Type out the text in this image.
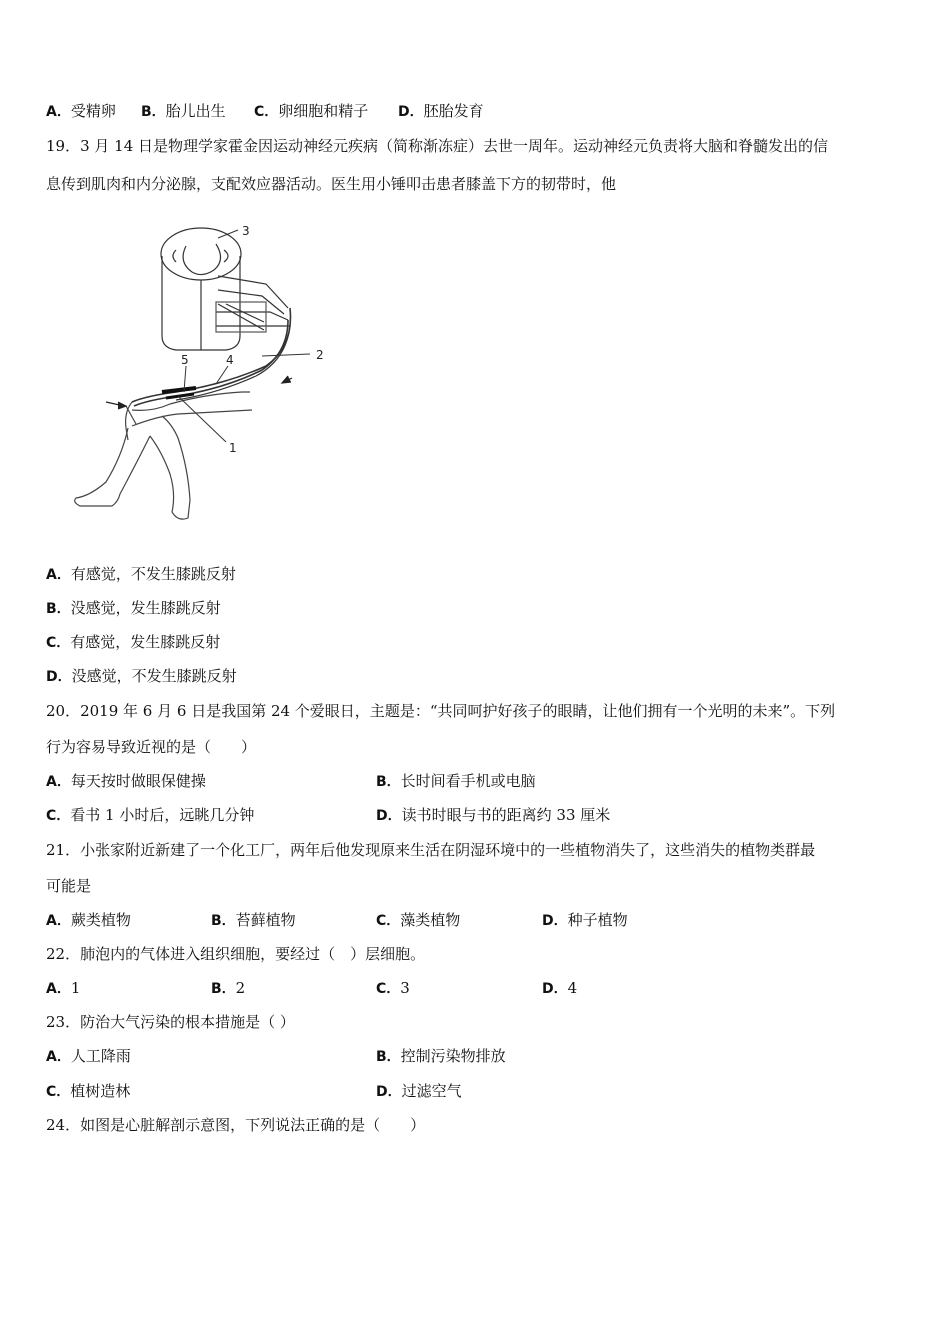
A．受精卵 B．胎儿出生 C．卵细胞和精子 D．胚胎发育
19．3 月 14 日是物理学家霍金因运动神经元疾病（简称渐冻症）去世一周年。运动神经元负责将大脑和脊髓发出的信
息传到肌肉和内分泌腺，支配效应器活动。医生用小锤叩击患者膝盖下方的韧带时，他
3
2
5	4
1
A．有感觉，不发生膝跳反射
B．没感觉，发生膝跳反射
C．有感觉，发生膝跳反射
D．没感觉，不发生膝跳反射
20．2019 年 6 月 6 日是我国第 24 个爱眼日，主题是：“共同呵护好孩子的眼睛，让他们拥有一个光明的未来”。下列
行为容易导致近视的是（　　）
A．每天按时做眼保健操	B．长时间看手机或电脑
C．看书 1 小时后，远眺几分钟	D．读书时眼与书的距离约 33 厘米
21．小张家附近新建了一个化工厂，两年后他发现原来生活在阴湿环境中的一些植物消失了，这些消失的植物类群最
可能是
A．蕨类植物	B．苔藓植物	C．藻类植物	D．种子植物
22．肺泡内的气体进入组织细胞，要经过（　）层细胞。
A．1	B．2	C．3	D．4
23．防治大气污染的根本措施是（ ）
A．人工降雨	B．控制污染物排放
C．植树造林	D．过滤空气
24．如图是心脏解剖示意图，下列说法正确的是（　　）
